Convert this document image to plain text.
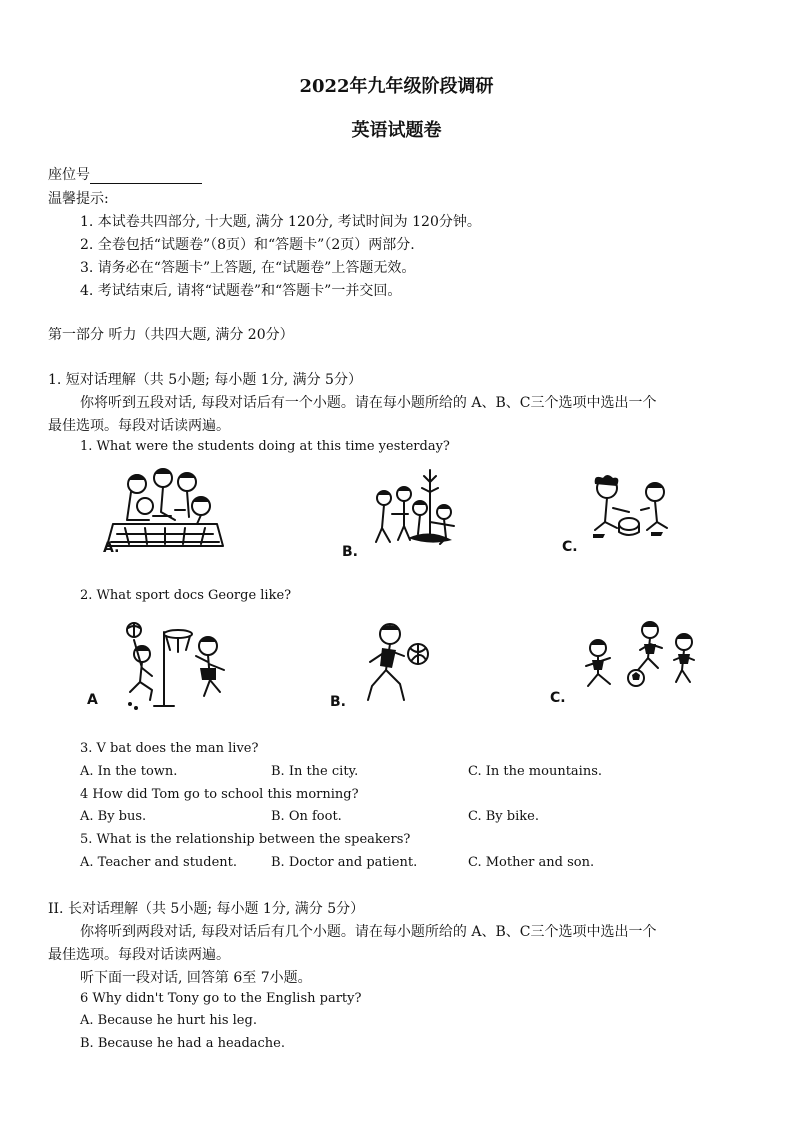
2022年九年级阶段调研
英语试题卷
座位号
温馨提示:
1. 本试卷共四部分, 十大题, 满分 120分, 考试时间为 120分钟。
2. 全卷包括“试题卷”（8页）和“答题卡”（2页）两部分.
3. 请务必在“答题卡”上答题, 在“试题卷”上答题无效。
4. 考试结束后, 请将“试题卷”和“答题卡”一并交回。
第一部分 听力（共四大题, 满分 20分）
1. 短对话理解（共 5小题; 每小题 1分, 满分 5分）
你将听到五段对话, 每段对话后有一个小题。请在每小题所给的 A、B、C三个选项中选出一个
最佳选项。每段对话读两遍。
1. What were the students doing at this time yesterday?
A.	B.	C.
2. What sport docs George like?
A	B.	C.
3. V bat does the man live?
A. In the town.	B. In the city.	C. In the mountains.
4 How did Tom go to school this morning?
A. By bus.	B. On foot.	C. By bike.
5. What is the relationship between the speakers?
A. Teacher and student.	B. Doctor and patient.	C. Mother and son.
II. 长对话理解（共 5小题; 每小题 1分, 满分 5分）
你将听到两段对话, 每段对话后有几个小题。请在每小题所给的 A、B、C三个选项中选出一个
最佳选项。每段对话读两遍。
听下面一段对话, 回答第 6至 7小题。
6 Why didn't Tony go to the English party?
A. Because he hurt his leg.
B. Because he had a headache.
